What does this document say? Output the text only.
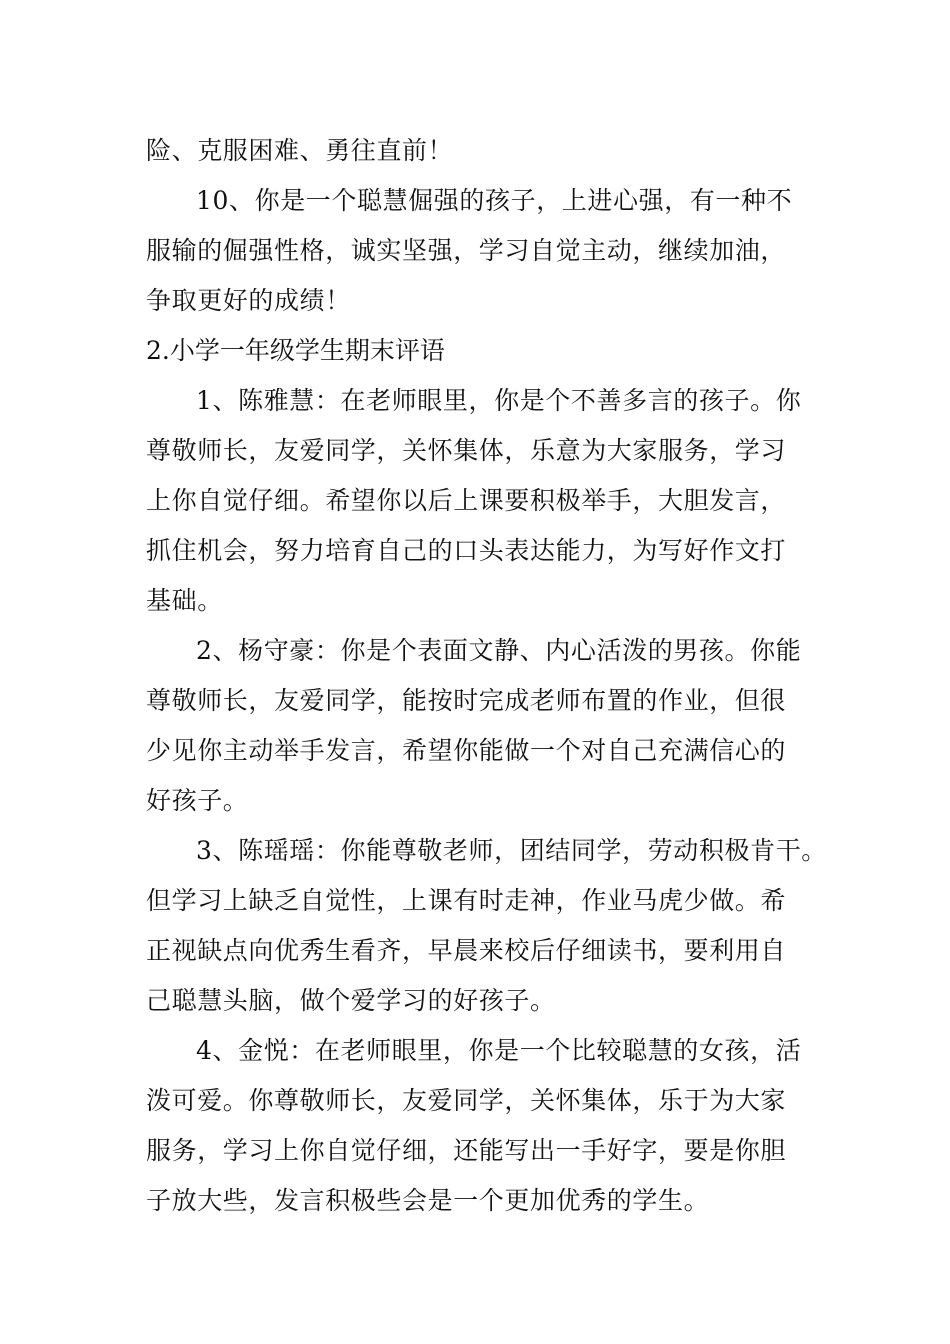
险、克服困难、勇往直前！
10、你是一个聪慧倔强的孩子，上进心强，有一种不
服输的倔强性格，诚实坚强，学习自觉主动，继续加油，
争取更好的成绩！
2.小学一年级学生期末评语
1、陈雅慧：在老师眼里，你是个不善多言的孩子。你
尊敬师长，友爱同学，关怀集体，乐意为大家服务，学习
上你自觉仔细。希望你以后上课要积极举手，大胆发言，
抓住机会，努力培育自己的口头表达能力，为写好作文打
基础。
2、杨守豪：你是个表面文静、内心活泼的男孩。你能
尊敬师长，友爱同学，能按时完成老师布置的作业，但很
少见你主动举手发言，希望你能做一个对自己充满信心的
好孩子。
3、陈瑶瑶：你能尊敬老师，团结同学，劳动积极肯干。
但学习上缺乏自觉性，上课有时走神，作业马虎少做。希
正视缺点向优秀生看齐，早晨来校后仔细读书，要利用自
己聪慧头脑，做个爱学习的好孩子。
4、金悦：在老师眼里，你是一个比较聪慧的女孩，活
泼可爱。你尊敬师长，友爱同学，关怀集体，乐于为大家
服务，学习上你自觉仔细，还能写出一手好字，要是你胆
子放大些，发言积极些会是一个更加优秀的学生。
